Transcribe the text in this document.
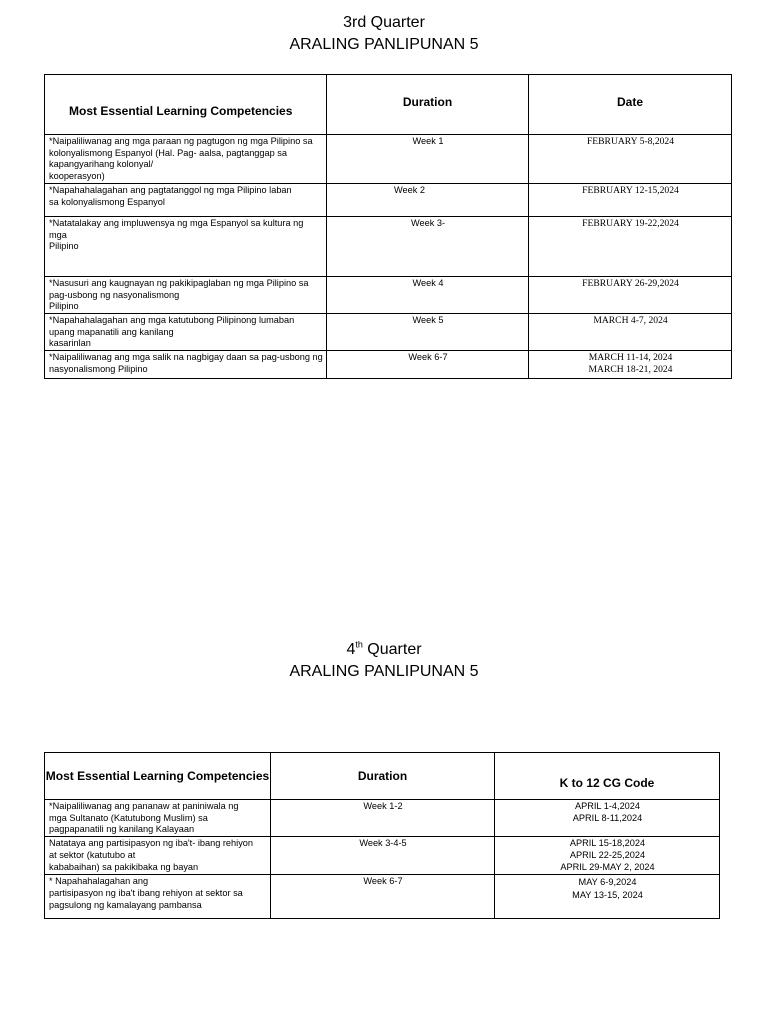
3rd Quarter
ARALING PANLIPUNAN 5
Most Essential Learning Competencies	Duration	Date

*Naipaliliwanag ang mga paraan ng pagtugon ng mga Pilipino sa
kolonyalismong Espanyol (Hal. Pag- aalsa, pagtanggap sa
kapangyarihang kolonyal/
kooperasyon)	Week 1	FEBRUARY 5-8,2024

*Napahahalagahan ang pagtatanggol ng mga Pilipino laban
sa kolonyalismong Espanyol	Week 2	FEBRUARY 12-15,2024

*Natatalakay ang impluwensya ng mga Espanyol sa kultura ng
mga
Pilipino	Week 3-	FEBRUARY 19-22,2024

*Nasusuri ang kaugnayan ng pakikipaglaban ng mga Pilipino sa
pag-usbong ng nasyonalismong
Pilipino	Week 4	FEBRUARY 26-29,2024

*Napahahalagahan ang mga katutubong Pilipinong lumaban
upang mapanatili ang kanilang
kasarinlan	Week 5	MARCH 4-7, 2024

*Naipaliliwanag ang mga salik na nagbigay daan sa pag-usbong ng
nasyonalismong Pilipino	Week 6-7	MARCH 11-14, 2024
MARCH 18-21, 2024
4th Quarter
ARALING PANLIPUNAN 5
Most Essential Learning Competencies	Duration	K to 12 CG Code

*Naipaliliwanag ang pananaw at paniniwala ng
mga Sultanato (Katutubong Muslim) sa
pagpapanatili ng kanilang Kalayaan	Week 1-2	APRIL 1-4,2024
APRIL 8-11,2024

Natataya ang partisipasyon ng iba't- ibang rehiyon
at sektor (katutubo at
kababaihan) sa pakikibaka ng bayan	Week 3-4-5	APRIL 15-18,2024
APRIL 22-25,2024
APRIL 29-MAY 2, 2024

* Napahahalagahan ang
partisipasyon ng iba't ibang rehiyon at sektor sa
pagsulong ng kamalayang pambansa	Week 6-7	MAY 6-9,2024
MAY 13-15, 2024
